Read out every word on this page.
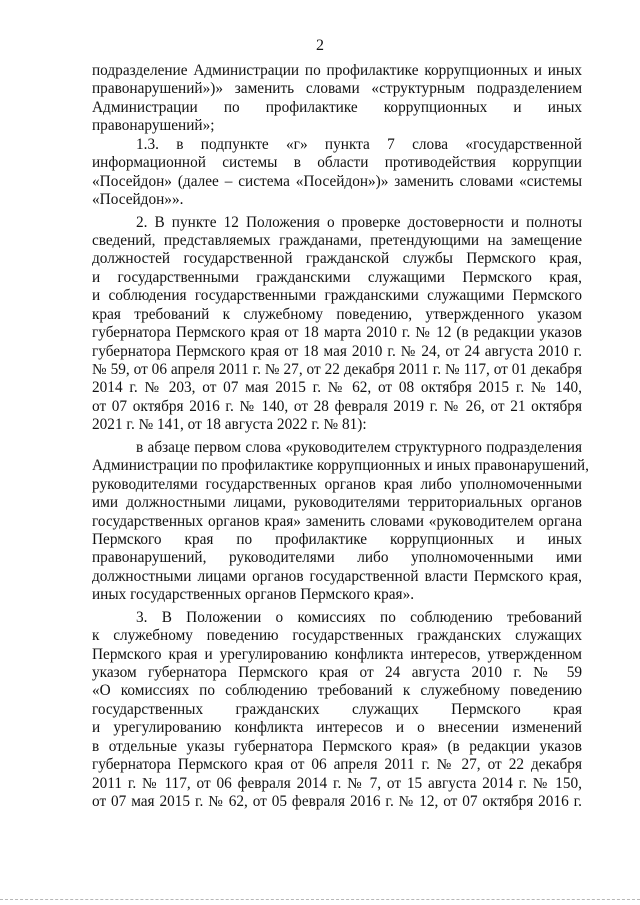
2
подразделение Администрации по профилактике коррупционных и иных
правонарушений»)» заменить словами «структурным подразделением
Администрации по профилактике коррупционных и иных
правонарушений»;
1.3. в подпункте «г» пункта 7 слова «государственной
информационной системы в области противодействия коррупции
«Посейдон» (далее – система «Посейдон»)» заменить словами «системы
«Посейдон»».
2. В пункте 12 Положения о проверке достоверности и полноты
сведений, представляемых гражданами, претендующими на замещение
должностей государственной гражданской службы Пермского края,
и государственными гражданскими служащими Пермского края,
и соблюдения государственными гражданскими служащими Пермского
края требований к служебному поведению, утвержденного указом
губернатора Пермского края от 18 марта 2010 г. № 12 (в редакции указов
губернатора Пермского края от 18 мая 2010 г. № 24, от 24 августа 2010 г.
№ 59, от 06 апреля 2011 г. № 27, от 22 декабря 2011 г. № 117, от 01 декабря
2014 г. № 203, от 07 мая 2015 г. № 62, от 08 октября 2015 г. № 140,
от 07 октября 2016 г. № 140, от 28 февраля 2019 г. № 26, от 21 октября
2021 г. № 141, от 18 августа 2022 г. № 81):
в абзаце первом слова «руководителем структурного подразделения
Администрации по профилактике коррупционных и иных правонарушений,
руководителями государственных органов края либо уполномоченными
ими должностными лицами, руководителями территориальных органов
государственных органов края» заменить словами «руководителем органа
Пермского края по профилактике коррупционных и иных
правонарушений, руководителями либо уполномоченными ими
должностными лицами органов государственной власти Пермского края,
иных государственных органов Пермского края».
3. В Положении о комиссиях по соблюдению требований
к служебному поведению государственных гражданских служащих
Пермского края и урегулированию конфликта интересов, утвержденном
указом губернатора Пермского края от 24 августа 2010 г. № 59
«О комиссиях по соблюдению требований к служебному поведению
государственных гражданских служащих Пермского края
и урегулированию конфликта интересов и о внесении изменений
в отдельные указы губернатора Пермского края» (в редакции указов
губернатора Пермского края от 06 апреля 2011 г. № 27, от 22 декабря
2011 г. № 117, от 06 февраля 2014 г. № 7, от 15 августа 2014 г. № 150,
от 07 мая 2015 г. № 62, от 05 февраля 2016 г. № 12, от 07 октября 2016 г.
